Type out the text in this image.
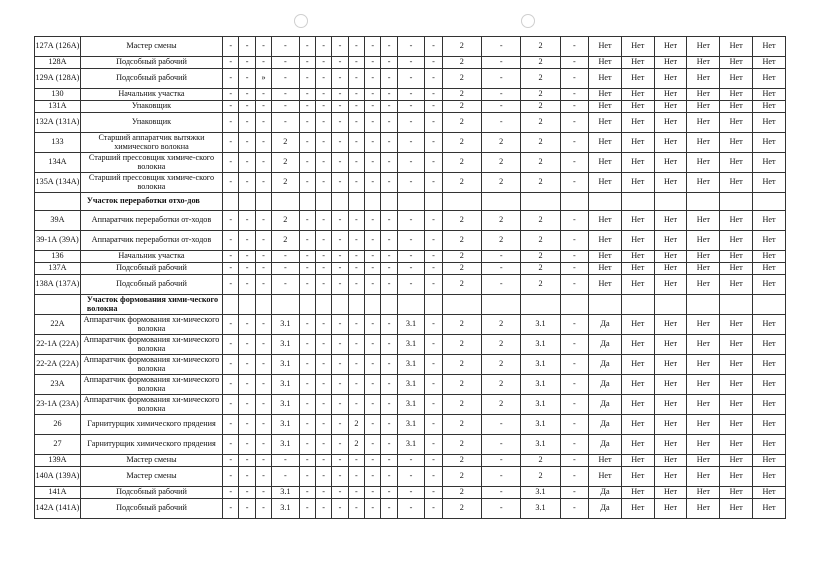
127А (126А)	Мастер смены	-	-	-	-	-	-	-	-	-	-	-	-	2	-	2	-	Нет	Нет	Нет	Нет	Нет	Нет
128А	Подсобный рабочий	-	-	-	-	-	-	-	-	-	-	-	-	2	-	2	-	Нет	Нет	Нет	Нет	Нет	Нет
129А (128А)	Подсобный рабочий	-	-	»	-	-	-	-	-	-	-	-	-	2	-	2	-	Нет	Нет	Нет	Нет	Нет	Нет
130	Начальник участка	-	-	-	-	-	-	-	-	-	-	-	-	2	-	2	-	Нет	Нет	Нет	Нет	Нет	Нет
131А	Упаковщик	-	-	-	-	-	-	-	-	-	-	-	-	2	-	2	-	Нет	Нет	Нет	Нет	Нет	Нет
132А (131А)	Упаковщик	-	-	-	-	-	-	-	-	-	-	-	-	2	-	2	-	Нет	Нет	Нет	Нет	Нет	Нет
133	Старший аппаратчик вытяжки химического волокна	-	-	-	2	-	-	-	-	-	-	-	-	2	2	2	-	Нет	Нет	Нет	Нет	Нет	Нет
134А	Старший прессовщик химиче-ского волокна	-	-	-	2	-	-	-	-	-	-	-	-	2	2	2	-	Нет	Нет	Нет	Нет	Нет	Нет
135А (134А)	Старший прессовщик химиче-ского волокна	-	-	-	2	-	-	-	-	-	-	-	-	2	2	2	-	Нет	Нет	Нет	Нет	Нет	Нет
	Участок переработки отхо-дов																						
39А	Аппаратчик переработки от-ходов	-	-	-	2	-	-	-	-	-	-	-	-	2	2	2	-	Нет	Нет	Нет	Нет	Нет	Нет
39-1А (39А)	Аппаратчик переработки от-ходов	-	-	-	2	-	-	-	-	-	-	-	-	2	2	2	-	Нет	Нет	Нет	Нет	Нет	Нет
136	Начальник участка	-	-	-	-	-	-	-	-	-	-	-	-	2	-	2	-	Нет	Нет	Нет	Нет	Нет	Нет
137А	Подсобный рабочий	-	-	-	-	-	-	-	-	-	-	-	-	2	-	2	-	Нет	Нет	Нет	Нет	Нет	Нет
138А (137А)	Подсобный рабочий	-	-	-	-	-	-	-	-	-	-	-	-	2	-	2	-	Нет	Нет	Нет	Нет	Нет	Нет
	Участок формования хими-ческого волокна																						
22А	Аппаратчик формования хи-мического волокна	-	-	-	3.1	-	-	-	-	-	-	3.1	-	2	2	3.1	-	Да	Нет	Нет	Нет	Нет	Нет
22-1А (22А)	Аппаратчик формования хи-мического волокна	-	-	-	3.1	-	-	-	-	-	-	3.1	-	2	2	3.1	-	Да	Нет	Нет	Нет	Нет	Нет
22-2А (22А)	Аппаратчик формования хи-мического волокна	-	-	-	3.1	-	-	-	-	-	-	3.1	-	2	2	3.1	-	Да	Нет	Нет	Нет	Нет	Нет
23А	Аппаратчик формования хи-мического волокна	-	-	-	3.1	-	-	-	-	-	-	3.1	-	2	2	3.1	-	Да	Нет	Нет	Нет	Нет	Нет
23-1А (23А)	Аппаратчик формования хи-мического волокна	-	-	-	3.1	-	-	-	-	-	-	3.1	-	2	2	3.1	-	Да	Нет	Нет	Нет	Нет	Нет
26	Гарнитурщик химического прядения	-	-	-	3.1	-	-	-	2	-	-	3.1	-	2	-	3.1	-	Да	Нет	Нет	Нет	Нет	Нет
27	Гарнитурщик химического прядения	-	-	-	3.1	-	-	-	2	-	-	3.1	-	2	-	3.1	-	Да	Нет	Нет	Нет	Нет	Нет
139А	Мастер смены	-	-	-	-	-	-	-	-	-	-	-	-	2	-	2	-	Нет	Нет	Нет	Нет	Нет	Нет
140А (139А)	Мастер смены	-	-	-	-	-	-	-	-	-	-	-	-	2	-	2	-	Нет	Нет	Нет	Нет	Нет	Нет
141А	Подсобный рабочий	-	-	-	3.1	-	-	-	-	-	-	-	-	2	-	3.1	-	Да	Нет	Нет	Нет	Нет	Нет
142А (141А)	Подсобный рабочий	-	-	-	3.1	-	-	-	-	-	-	-	-	2	-	3.1	-	Да	Нет	Нет	Нет	Нет	Нет
